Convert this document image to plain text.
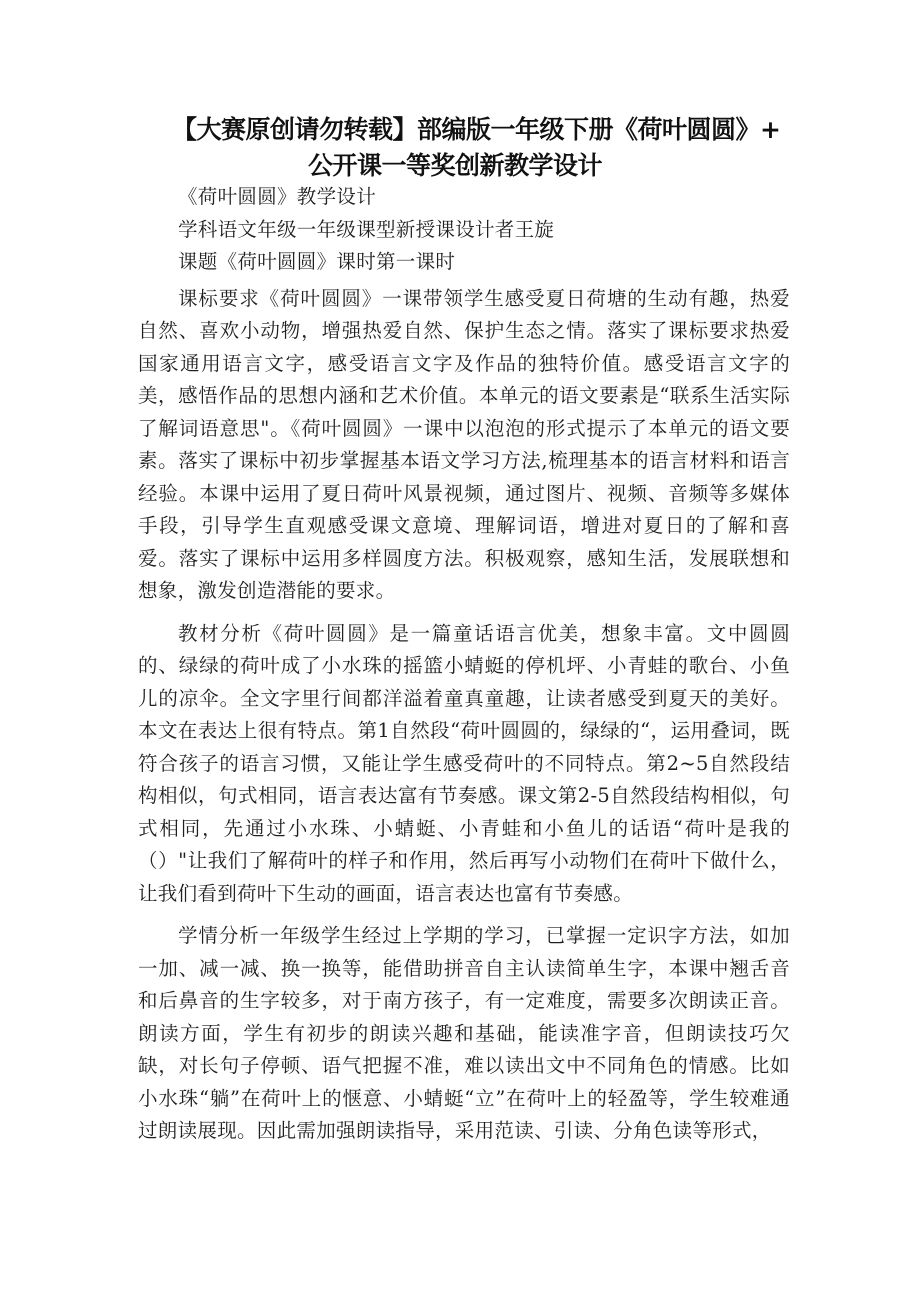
【大赛原创请勿转载】部编版一年级下册《荷叶圆圆》+
公开课一等奖创新教学设计

《荷叶圆圆》教学设计

学科语文年级一年级课型新授课设计者王旋

课题《荷叶圆圆》课时第一课时

课标要求《荷叶圆圆》一课带领学生感受夏日荷塘的生动有趣，热爱自然、喜欢小动物，增强热爱自然、保护生态之情。落实了课标要求热爱国家通用语言文字，感受语言文字及作品的独特价值。感受语言文字的美，感悟作品的思想内涵和艺术价值。本单元的语文要素是“联系生活实际了解词语意思"。《荷叶圆圆》一课中以泡泡的形式提示了本单元的语文要素。落实了课标中初步掌握基本语文学习方法,梳理基本的语言材料和语言经验。本课中运用了夏日荷叶风景视频，通过图片、视频、音频等多媒体手段，引导学生直观感受课文意境、理解词语，增进对夏日的了解和喜爱。落实了课标中运用多样圆度方法。积极观察，感知生活，发展联想和想象，激发创造潜能的要求。

教材分析《荷叶圆圆》是一篇童话语言优美，想象丰富。文中圆圆的、绿绿的荷叶成了小水珠的摇篮小蜻蜓的停机坪、小青蛙的歌台、小鱼儿的凉伞。全文字里行间都洋溢着童真童趣，让读者感受到夏天的美好。本文在表达上很有特点。第1自然段“荷叶圆圆的，绿绿的“，运用叠词，既符合孩子的语言习惯，又能让学生感受荷叶的不同特点。第2~5自然段结构相似，句式相同，语言表达富有节奏感。课文第2-5自然段结构相似，句式相同，先通过小水珠、小蜻蜓、小青蛙和小鱼儿的话语“荷叶是我的（）"让我们了解荷叶的样子和作用，然后再写小动物们在荷叶下做什么，让我们看到荷叶下生动的画面，语言表达也富有节奏感。

学情分析一年级学生经过上学期的学习，已掌握一定识字方法，如加一加、减一减、换一换等，能借助拼音自主认读简单生字，本课中翘舌音和后鼻音的生字较多，对于南方孩子，有一定难度，需要多次朗读正音。朗读方面，学生有初步的朗读兴趣和基础，能读准字音，但朗读技巧欠缺，对长句子停顿、语气把握不准，难以读出文中不同角色的情感。比如小水珠“躺”在荷叶上的惬意、小蜻蜓“立”在荷叶上的轻盈等，学生较难通过朗读展现。因此需加强朗读指导，采用范读、引读、分角色读等形式，
